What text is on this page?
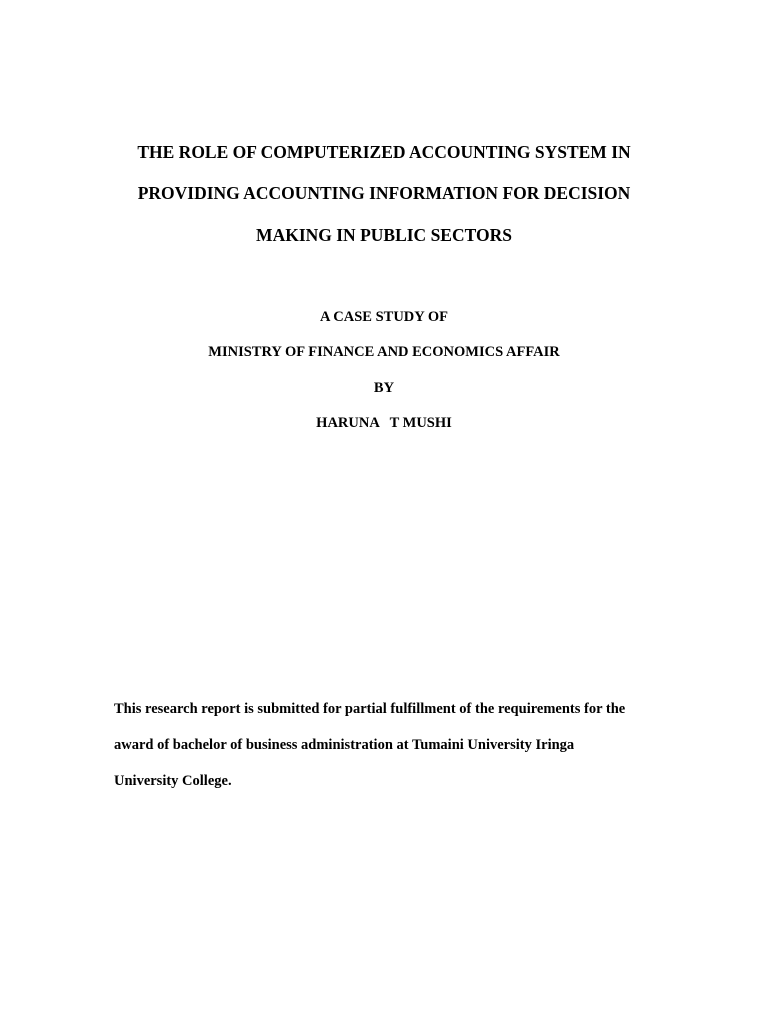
THE ROLE OF COMPUTERIZED ACCOUNTING SYSTEM IN
PROVIDING ACCOUNTING INFORMATION FOR DECISION
MAKING IN PUBLIC SECTORS
A CASE STUDY OF
MINISTRY OF FINANCE AND ECONOMICS AFFAIR
BY
HARUNA   T MUSHI
This research report is submitted for partial fulfillment of the requirements for the
award of bachelor of business administration at Tumaini University Iringa
University College.
